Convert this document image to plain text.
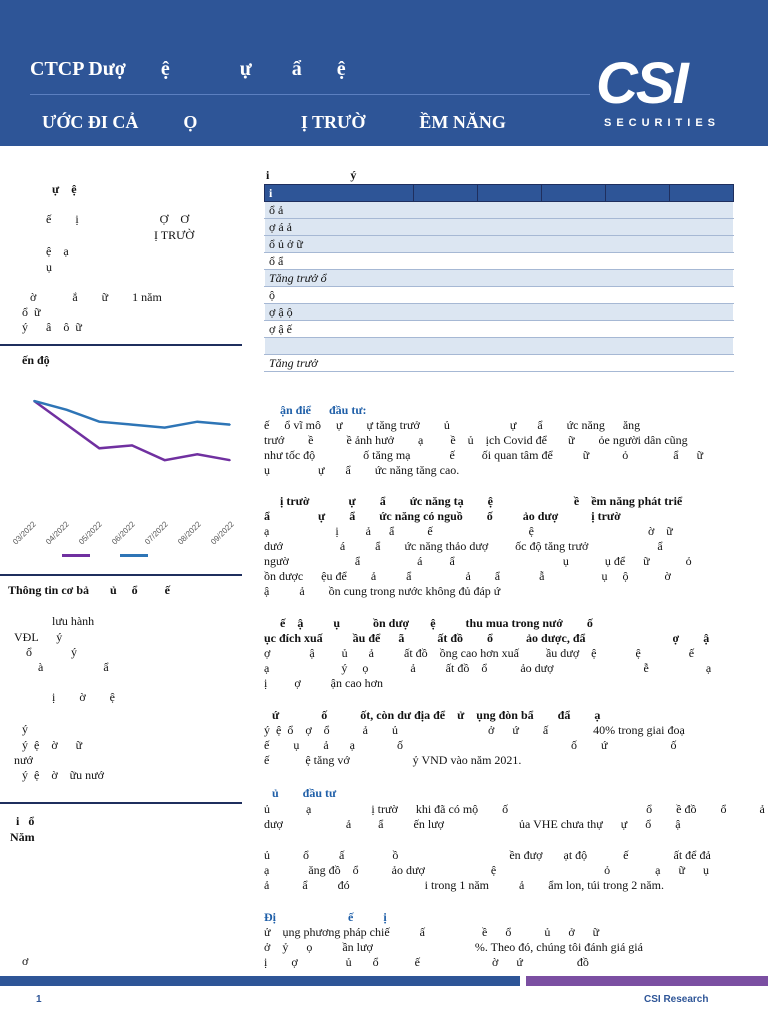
CTCP Dượ       ệ              ự        ẩ       ệ
ƯỚC ĐI CẢ          Ọ                       Ị TRƯỜ            ỀM NĂNG
CSI
SECURITIES
ự    ệ
ế        ị                           Ợ    Ơ
Ị TRƯỜ
ệ    ạ
ụ
ờ            ắ        ữ        1 năm
ổ  ữ
ý      â    ô  ữ
ến độ
03/2022 04/2022 05/2022 06/2022 07/2022 08/2022 09/2022
Thông tin cơ bả       ủ     ổ         ế
lưu hành
VĐL      ý
ổ             ý
à                    ẩ
ị        ờ        ệ
ý
ý  ệ    ờ      ữ
nướ
ý  ệ    ờ    ữu nướ
i   ổ
Năm
ơ
i                           ý
i					
ổ ả
ợ á ả
ổ ủ ở ữ
ổ ẩ
Tăng trưở ổ
ộ
ợ ậ ộ
ợ ậ ế

Tăng trưở
ận điể      đầu tư:
ế     ổ vĩ mô     ự        ự tăng trưở        ủ                    ự       ẩ        ức năng      ăng
trướ        ề           ề ảnh hưở        ạ         ề    ủ    ịch Covid để       ữ        ỏe người dân cũng
như tốc độ                ố tăng mạ             ế         ối quan tâm để          ữ           ỏ               ẩ      ữ
ụ                ự       ẩ        ức năng tăng cao.
ị trườ             ự        ẩ        ức năng tạ        ệ                           ề    ềm năng phát triể
ẩ                ự        ẩ        ức năng có nguồ        ố          ảo dượ           ị trườ
ạ                      ị         ả      ẩ           ế                                ệ                                      ờ    ữ
dướ                   á          ẩ        ức năng thảo dượ         ốc độ tăng trưở                       ẩ
ngườ                      ẩ                   á         ẩ                                    ụ            ụ để      ữ            ỏ
ồn dược      ệu để        ả          ẩ                  ả        ẩ             ẫ                   ụ     ộ            ờ
ậ          ả        ồn cung trong nước không đủ đáp ứ
ế    ậ          ụ           ồn dượ       ệ          thu mua trong nướ        ố
ục đích xuấ          ầu để      ã           ất đồ        ổ           ảo dược, đẩ                             ợ        ậ
ợ             ậ         ủ       ả          ất đồ    ồng cao hơn xuấ         ầu dượ    ệ             ệ                ế
ạ                        ý     ọ              ả          ất đồ    ổ           ảo dượ                              ễ                   ạ
ị         ợ          ận cao hơn
ứ              ố           ốt, còn dư địa để    ử    ụng đòn bẩ        đẩ        ạ
ý  ệ  ổ    ợ    ổ           ả        ủ                              ở      ứ        ấ               40% trong giai đoạ
ế        ụ        ả       ạ              ố                                                        ố        ứ                     ố
ế            ệ tăng vớ                     ỷ VND vào năm 2021.
ủ        đầu tư
ủ            ạ                    ị trườ      khi đã có mộ        ố                                              ổ        ề đồ        ổ           ả
dượ                     ả         ẩ          ến lượ                         ủa VHE chưa thự      ự      ổ        ậ
ủ           ổ          ấ                ồ                                     ền đượ       ạt độ            ế               ất để đả
ạ             ăng đồ    ổ           ảo dượ                      ệ                                    ỏ               ạ      ữ      ụ
ả           ẩ          đó                         i trong 1 năm          ả        ẩm lon, túi trong 2 năm.
Đị                        ế          ị
ử    ụng phương pháp chiế          ấ                   ề      ổ           ủ      ở      ữ
ở    ỷ      ọ          ần lượ                                  %. Theo đó, chúng tôi đánh giá giá
ị        ợ                ủ       ổ            ế                        ờ      ứ                  đồ
1	CSI Research
